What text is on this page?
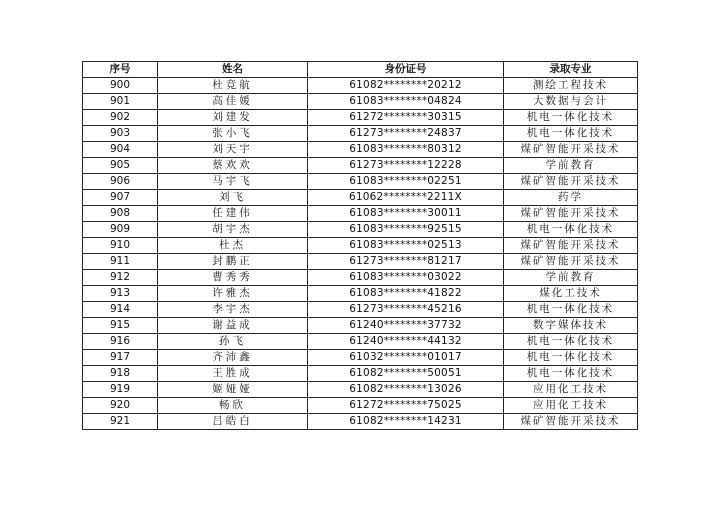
序号	姓名	身份证号	录取专业
900	杜竞航	61082********20212	测绘工程技术
901	高佳媛	61083********04824	大数据与会计
902	刘建发	61272********30315	机电一体化技术
903	张小飞	61273********24837	机电一体化技术
904	刘天宇	61083********80312	煤矿智能开采技术
905	蔡欢欢	61273********12228	学前教育
906	马宇飞	61083********02251	煤矿智能开采技术
907	刘飞	61062********2211X	药学
908	任建伟	61083********30011	煤矿智能开采技术
909	胡宇杰	61083********92515	机电一体化技术
910	杜杰	61083********02513	煤矿智能开采技术
911	封鹏正	61273********81217	煤矿智能开采技术
912	曹秀秀	61083********03022	学前教育
913	许雅杰	61083********41822	煤化工技术
914	李宇杰	61273********45216	机电一体化技术
915	谢益成	61240********37732	数字媒体技术
916	孙飞	61240********44132	机电一体化技术
917	齐沛鑫	61032********01017	机电一体化技术
918	王胜成	61082********50051	机电一体化技术
919	姬娅娅	61082********13026	应用化工技术
920	畅欣	61272********75025	应用化工技术
921	吕皓白	61082********14231	煤矿智能开采技术
